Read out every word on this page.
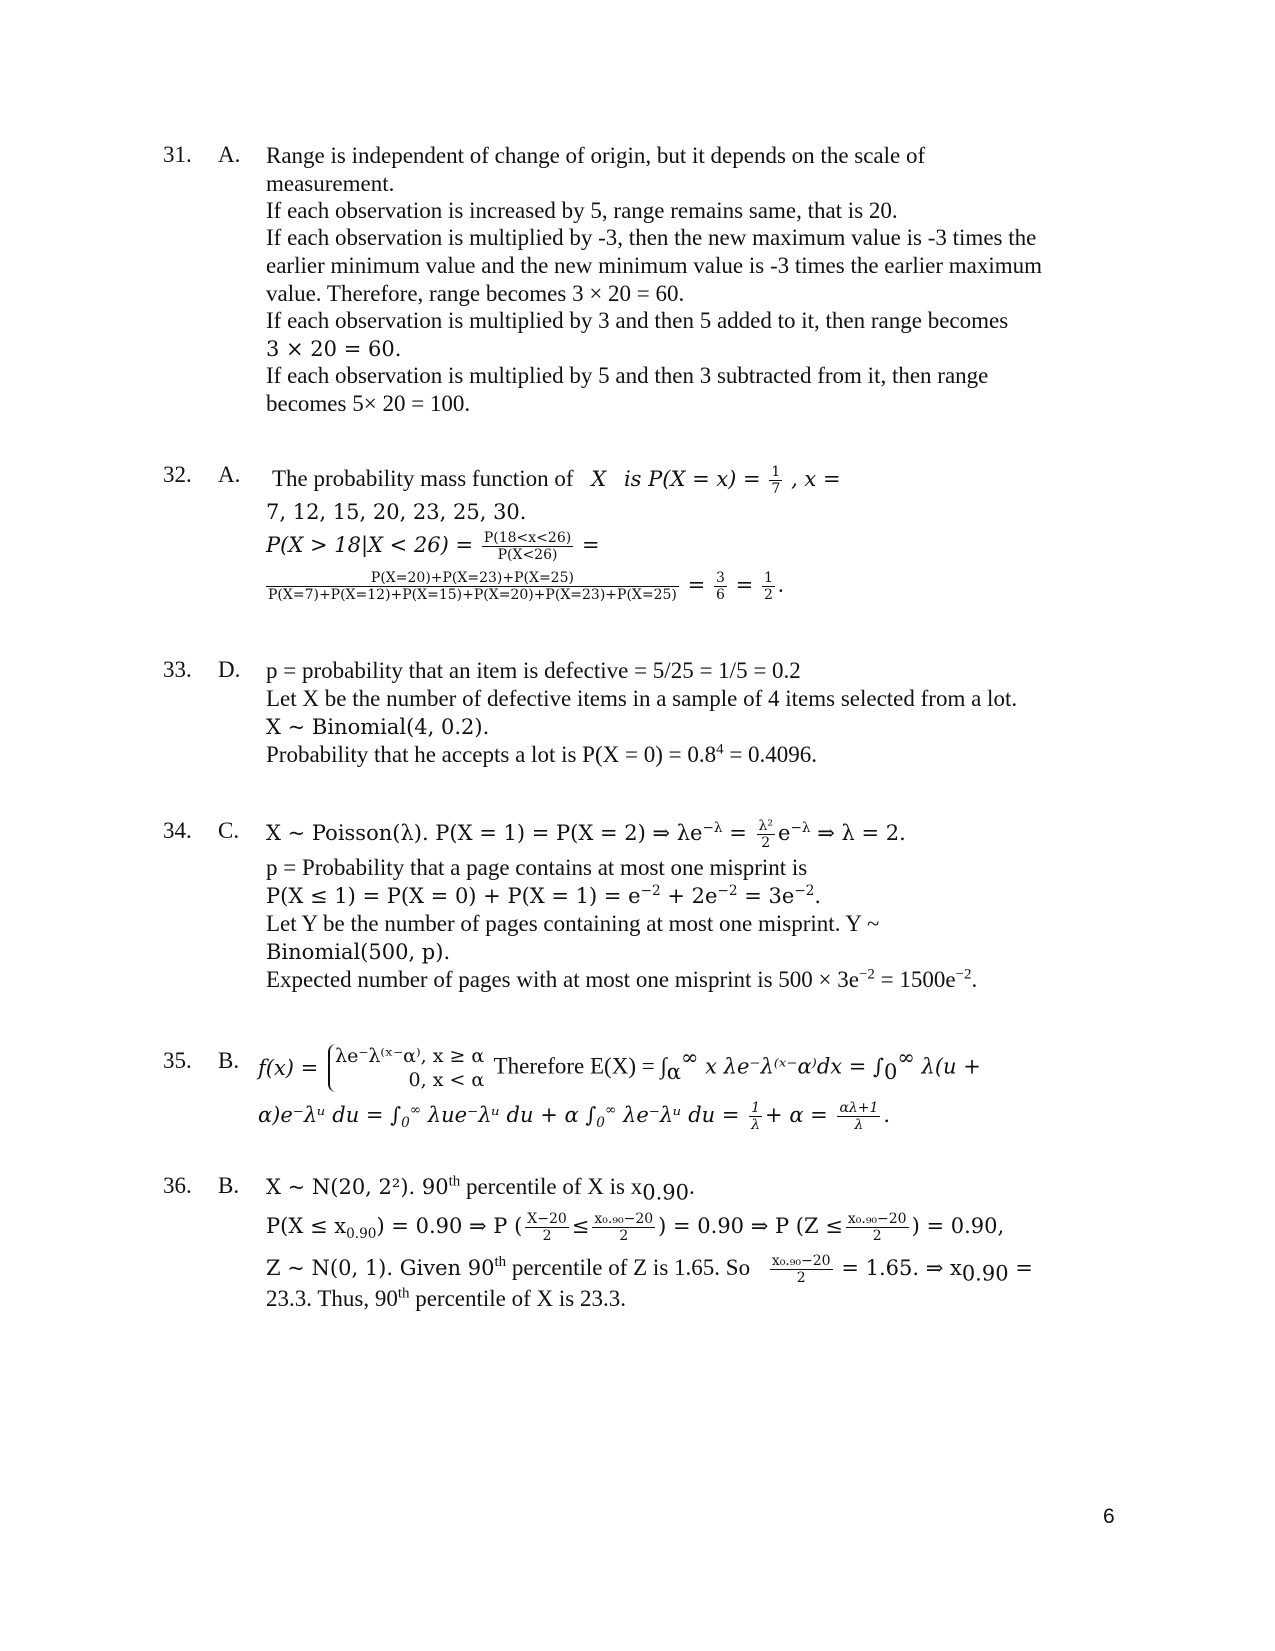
31. A. Range is independent of change of origin, but it depends on the scale of
measurement.
If each observation is increased by 5, range remains same, that is 20.
If each observation is multiplied by -3, then the new maximum value is -3 times the
earlier minimum value and the new minimum value is -3 times the earlier maximum
value. Therefore, range becomes 3 × 20 = 60.
If each observation is multiplied by 3 and then 5 added to it, then range becomes
3 × 20 = 60.
If each observation is multiplied by 5 and then 3 subtracted from it, then range
becomes 5× 20 = 100.
32. A. The probability mass function of X is $P(X = x) = \frac{1}{7}$ , x =
7, 12, 15, 20, 23, 25, 30.
$P(X > 18|X < 26) = \frac{P(18<x<26)}{P(X<26)}$ =
$\frac{P(X=20)+P(X=23)+P(X=25)}{P(X=7)+P(X=12)+P(X=15)+P(X=20)+P(X=23)+P(X=25)} = \frac{3}{6} = \frac{1}{2}$ .
33. D. p = probability that an item is defective = 5/25 = 1/5 = 0.2
Let X be the number of defective items in a sample of 4 items selected from a lot.
X ~ Binomial(4, 0.2).
Probability that he accepts a lot is $P(X = 0) = 0.8^4 = 0.4096$.
34. C. X ~ Poisson(λ). P(X = 1) = P(X = 2) ⇒ $\lambda e^{-\lambda} = \frac{\text{λ²}}{2} e^{-\lambda}$ ⇒ λ = 2.
p = Probability that a page contains at most one misprint is
$P(X \le 1) = P(X = 0) + P(X = 1) = e^{-2} + 2e^{-2} = 3e^{-2}$.
Let Y be the number of pages containing at most one misprint. Y ~
Binomial(500, p).
Expected number of pages with at most one misprint is $500 \times 3e^{-2} = 1500e^{-2}$.
35. B. f(x) = λe⁻λ⁽ˣ⁻α⁾, x ≥ α
0, x < α
Therefore $E(X) = \int_\alpha^\infty$ x λe⁻λ⁽ˣ⁻α⁾dx = $\int_0^\infty$ λ(u +
α)e⁻λᵘ du = $\int_0^\infty$ λue⁻λᵘ du + α $\int_0^\infty$ λe⁻λᵘ du = $\frac{1}{\lambda} + \alpha = \frac{\alpha\lambda+1}{\lambda}$ .
36. B. X ~ N(20, 2²). 90th percentile of X is $x_{0.90}$.
$P(X \le x_{0.90}) = 0.90$ ⇒ P ( $\frac{X-20}{2} \le \frac{\text{x₀.₉₀−20}}{2}$ ) = 0.90 ⇒ P ($Z \le \frac{\text{x₀.₉₀−20}}{2}$ ) = 0.90,
Z ~ N(0, 1). Given 90th percentile of Z is 1.65. So $\frac{\text{x₀.₉₀−20}}{2} = 1.65$. ⇒ $x_{0.90}$ =
23.3. Thus, 90th percentile of X is 23.3.
6
